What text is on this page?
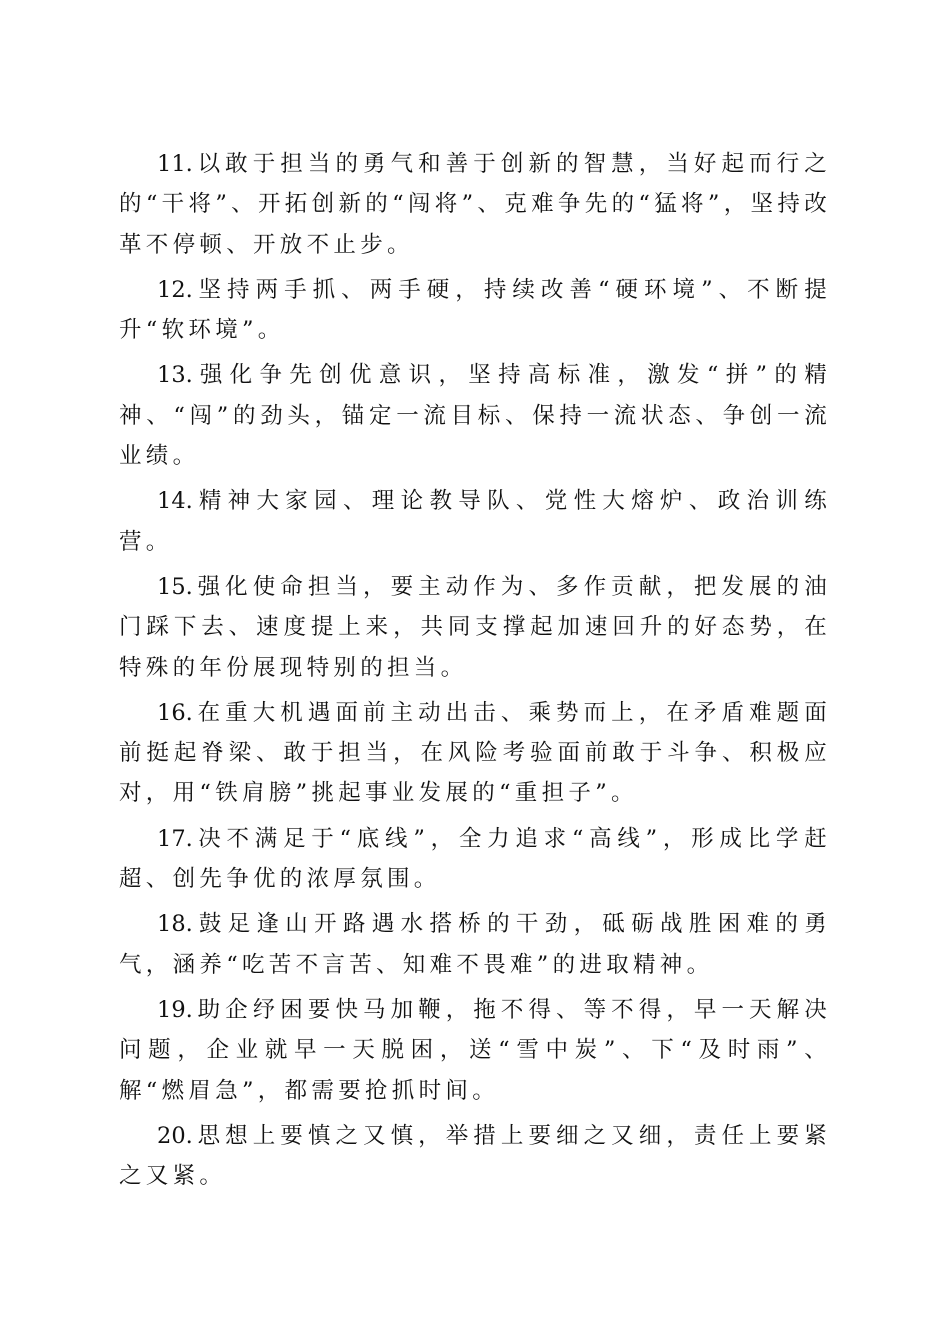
11. 以敢于担当的勇气和善于创新的智慧，当好起而行之的“干将”、开拓创新的“闯将”、克难争先的“猛将”，坚持改革不停顿、开放不止步。

12. 坚持两手抓、两手硬，持续改善“硬环境”、不断提升“软环境”。

13. 强化争先创优意识，坚持高标准，激发“拼”的精神、“闯”的劲头，锚定一流目标、保持一流状态、争创一流业绩。

14. 精神大家园、理论教导队、党性大熔炉、政治训练营。

15. 强化使命担当，要主动作为、多作贡献，把发展的油门踩下去、速度提上来，共同支撑起加速回升的好态势，在特殊的年份展现特别的担当。

16. 在重大机遇面前主动出击、乘势而上，在矛盾难题面前挺起脊梁、敢于担当，在风险考验面前敢于斗争、积极应对，用“铁肩膀”挑起事业发展的“重担子”。

17. 决不满足于“底线”，全力追求“高线”，形成比学赶超、创先争优的浓厚氛围。

18. 鼓足逢山开路遇水搭桥的干劲，砥砺战胜困难的勇气，涵养“吃苦不言苦、知难不畏难”的进取精神。

19. 助企纾困要快马加鞭，拖不得、等不得，早一天解决问题，企业就早一天脱困，送“雪中炭”、下“及时雨”、解“燃眉急”，都需要抢抓时间。

20. 思想上要慎之又慎，举措上要细之又细，责任上要紧之又紧。
